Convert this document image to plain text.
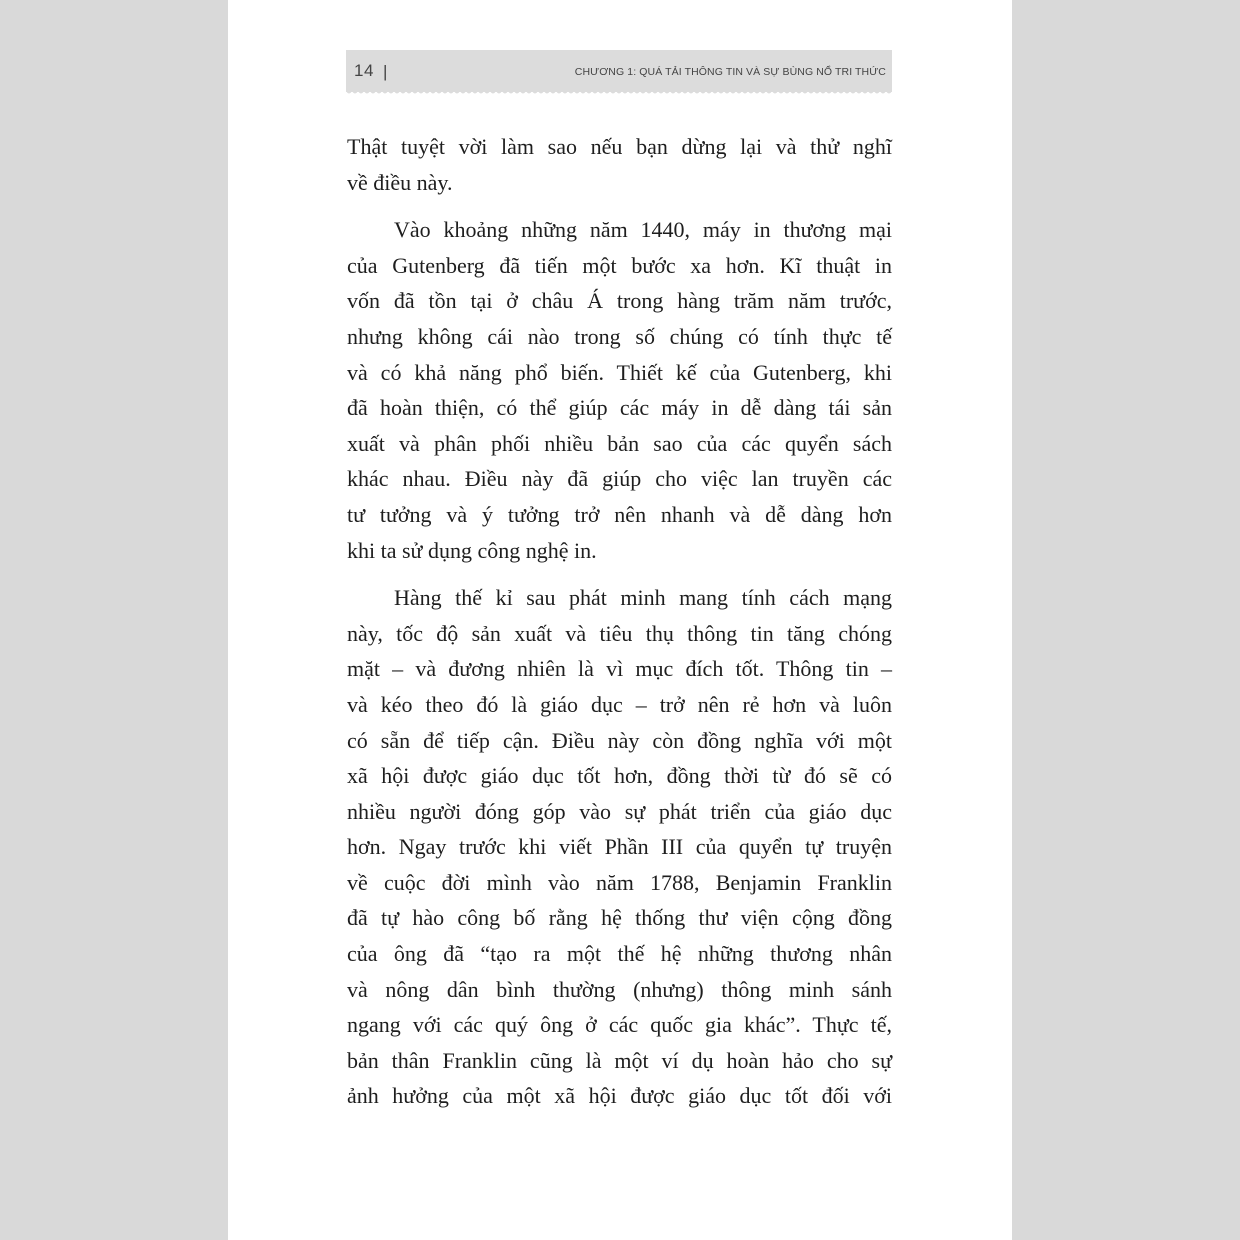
14 |	CHƯƠNG 1: QUÁ TẢI THÔNG TIN VÀ SỰ BÙNG NỔ TRI THỨC

Thật tuyệt vời làm sao nếu bạn dừng lại và thử nghĩ
về điều này.

Vào khoảng những năm 1440, máy in thương mại
của Gutenberg đã tiến một bước xa hơn. Kĩ thuật in
vốn đã tồn tại ở châu Á trong hàng trăm năm trước,
nhưng không cái nào trong số chúng có tính thực tế
và có khả năng phổ biến. Thiết kế của Gutenberg, khi
đã hoàn thiện, có thể giúp các máy in dễ dàng tái sản
xuất và phân phối nhiều bản sao của các quyển sách
khác nhau. Điều này đã giúp cho việc lan truyền các
tư tưởng và ý tưởng trở nên nhanh và dễ dàng hơn
khi ta sử dụng công nghệ in.

Hàng thế kỉ sau phát minh mang tính cách mạng
này, tốc độ sản xuất và tiêu thụ thông tin tăng chóng
mặt – và đương nhiên là vì mục đích tốt. Thông tin –
và kéo theo đó là giáo dục – trở nên rẻ hơn và luôn
có sẵn để tiếp cận. Điều này còn đồng nghĩa với một
xã hội được giáo dục tốt hơn, đồng thời từ đó sẽ có
nhiều người đóng góp vào sự phát triển của giáo dục
hơn. Ngay trước khi viết Phần III của quyển tự truyện
về cuộc đời mình vào năm 1788, Benjamin Franklin
đã tự hào công bố rằng hệ thống thư viện cộng đồng
của ông đã “tạo ra một thế hệ những thương nhân
và nông dân bình thường (nhưng) thông minh sánh
ngang với các quý ông ở các quốc gia khác”. Thực tế,
bản thân Franklin cũng là một ví dụ hoàn hảo cho sự
ảnh hưởng của một xã hội được giáo dục tốt đối với
